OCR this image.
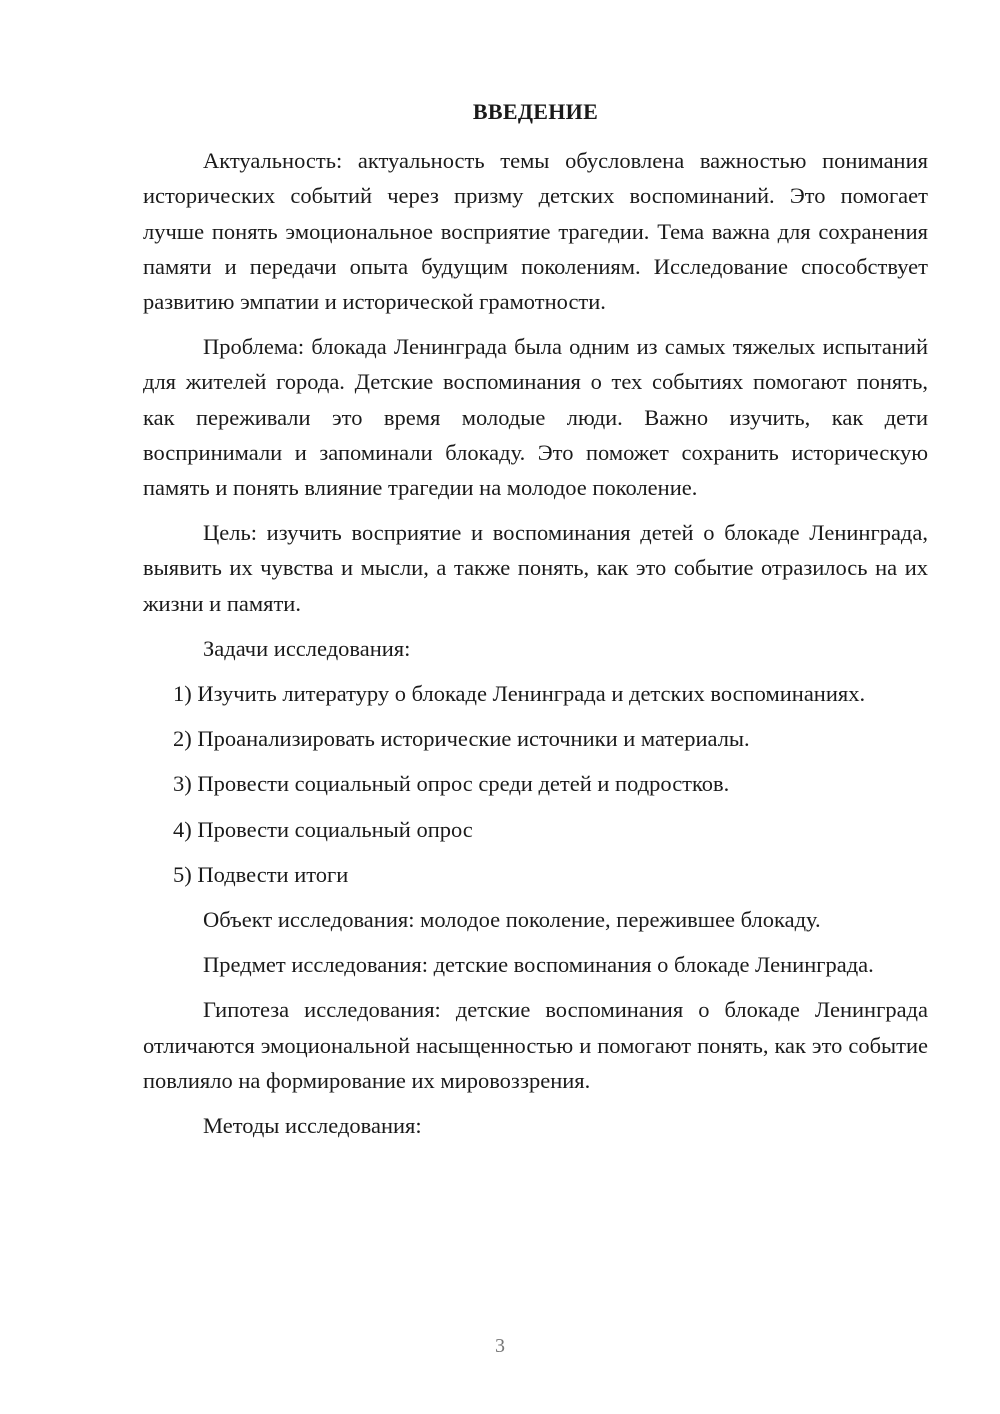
ВВЕДЕНИЕ

Актуальность: актуальность темы обусловлена важностью понимания исторических событий через призму детских воспоминаний. Это помогает лучше понять эмоциональное восприятие трагедии. Тема важна для сохранения памяти и передачи опыта будущим поколениям. Исследование способствует развитию эмпатии и исторической грамотности.

Проблема: блокада Ленинграда была одним из самых тяжелых испытаний для жителей города. Детские воспоминания о тех событиях помогают понять, как переживали это время молодые люди. Важно изучить, как дети воспринимали и запоминали блокаду. Это поможет сохранить историческую память и понять влияние трагедии на молодое поколение.

Цель: изучить восприятие и воспоминания детей о блокаде Ленинграда, выявить их чувства и мысли, а также понять, как это событие отразилось на их жизни и памяти.

Задачи исследования:

1) Изучить литературу о блокаде Ленинграда и детских воспоминаниях.

2) Проанализировать исторические источники и материалы.

3) Провести социальный опрос среди детей и подростков.

4) Провести социальный опрос

5) Подвести итоги

Объект исследования: молодое поколение, пережившее блокаду.

Предмет исследования: детские воспоминания о блокаде Ленинграда.

Гипотеза исследования: детские воспоминания о блокаде Ленинграда отличаются эмоциональной насыщенностью и помогают понять, как это событие повлияло на формирование их мировоззрения.

Методы исследования:

3
